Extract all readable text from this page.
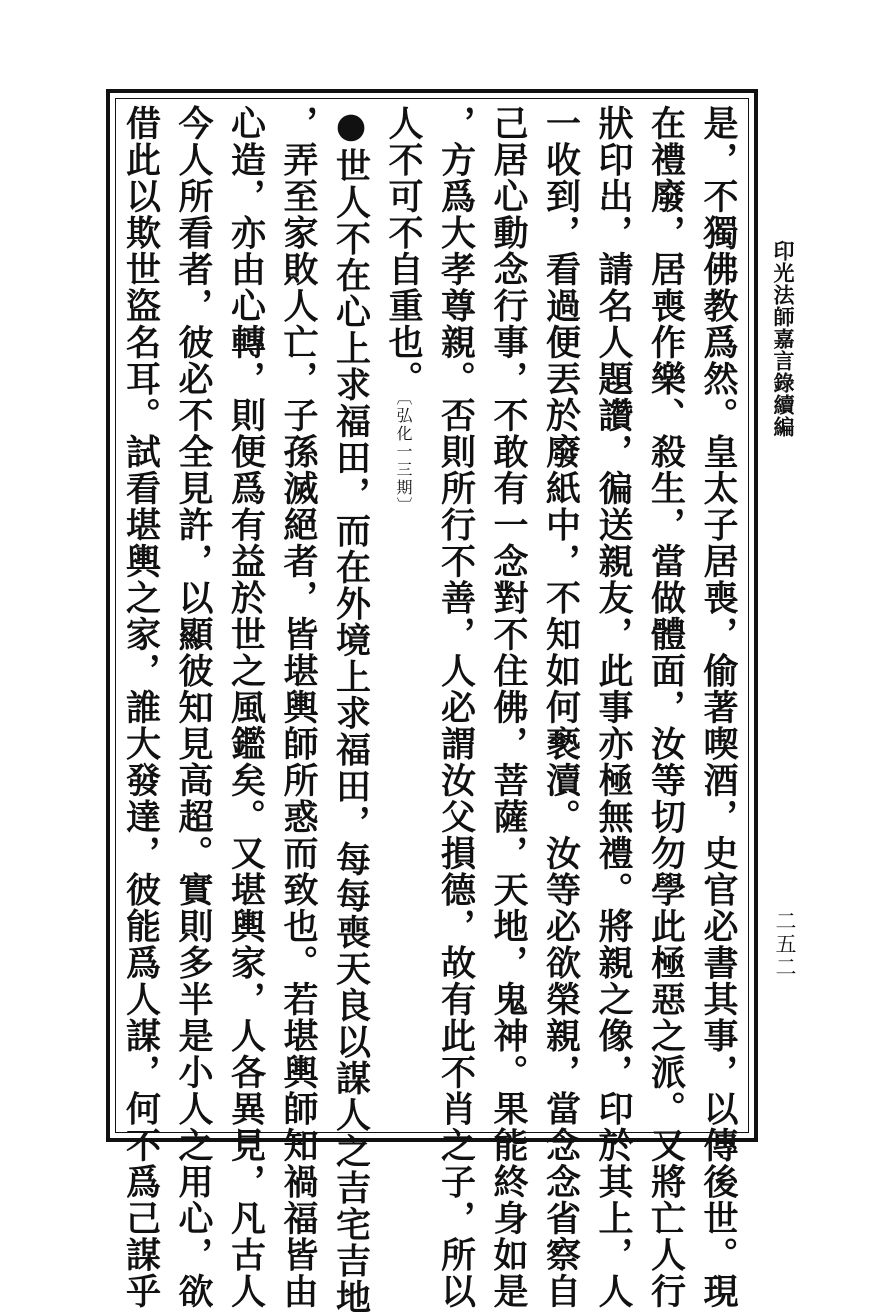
是，不獨佛教爲然。皇太子居喪，偷著喫酒，史官必書其事，以傳後世。現

在禮廢，居喪作樂、殺生，當做體面，汝等切勿學此極惡之派。又將亡人行

狀印出，請名人題讚，徧送親友，此事亦極無禮。將親之像，印於其上，人

一收到，看過便丟於廢紙中，不知如何褻瀆。汝等必欲榮親，當念念省察自

己居心動念行事，不敢有一念對不住佛，菩薩，天地，鬼神。果能終身如是

，方爲大孝尊親。否則所行不善，人必謂汝父損德，故有此不肖之子，所以

人不可不自重也。〔弘化一三期〕

●世人不在心上求福田，而在外境上求福田，每每喪天良以謀人之吉宅吉地

，弄至家敗人亡，子孫滅絕者，皆堪輿師所惑而致也。若堪輿師知禍福皆由

心造，亦由心轉，則便爲有益於世之風鑑矣。又堪輿家，人各異見，凡古人

今人所看者，彼必不全見許，以顯彼知見高超。實則多半是小人之用心，欲

借此以欺世盜名耳。試看堪輿之家，誰大發達，彼能爲人謀，何不爲己謀乎	印光法師嘉言錄續編
二五二
